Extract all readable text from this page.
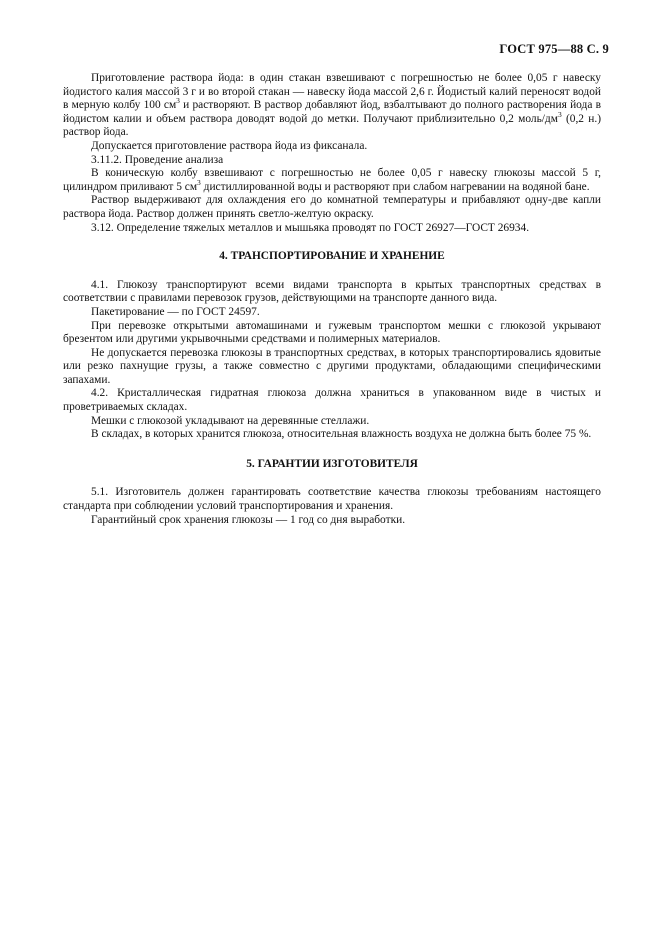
ГОСТ 975—88 С. 9

Приготовление раствора йода: в один стакан взвешивают с погрешностью не более 0,05 г навеску йодистого калия массой 3 г и во второй стакан — навеску йода массой 2,6 г. Йодистый калий переносят водой в мерную колбу 100 $см^3$ и растворяют. В раствор добавляют йод, взбалтывают до полного растворения йода в йодистом калии и объем раствора доводят водой до метки. Получают приблизительно 0,2 моль/$дм^3$ (0,2 н.) раствор йода.

Допускается приготовление раствора йода из фиксанала.

3.11.2. Проведение анализа

В коническую колбу взвешивают с погрешностью не более 0,05 г навеску глюкозы массой 5 г, цилиндром приливают 5 $см^3$ дистиллированной воды и растворяют при слабом нагревании на водяной бане.

Раствор выдерживают для охлаждения его до комнатной температуры и прибавляют одну-две капли раствора йода. Раствор должен принять светло-желтую окраску.

3.12. Определение тяжелых металлов и мышьяка проводят по ГОСТ 26927—ГОСТ 26934.

4. ТРАНСПОРТИРОВАНИЕ И ХРАНЕНИЕ

4.1. Глюкозу транспортируют всеми видами транспорта в крытых транспортных средствах в соответствии с правилами перевозок грузов, действующими на транспорте данного вида.

Пакетирование — по ГОСТ 24597.

При перевозке открытыми автомашинами и гужевым транспортом мешки с глюкозой укрывают брезентом или другими укрывочными средствами и полимерных материалов.

Не допускается перевозка глюкозы в транспортных средствах, в которых транспортировались ядовитые или резко пахнущие грузы, а также совместно с другими продуктами, обладающими специфическими запахами.

4.2. Кристаллическая гидратная глюкоза должна храниться в упакованном виде в чистых и проветриваемых складах.

Мешки с глюкозой укладывают на деревянные стеллажи.

В складах, в которых хранится глюкоза, относительная влажность воздуха не должна быть более 75 %.

5. ГАРАНТИИ ИЗГОТОВИТЕЛЯ

5.1. Изготовитель должен гарантировать соответствие качества глюкозы требованиям настоящего стандарта при соблюдении условий транспортирования и хранения.

Гарантийный срок хранения глюкозы — 1 год со дня выработки.
